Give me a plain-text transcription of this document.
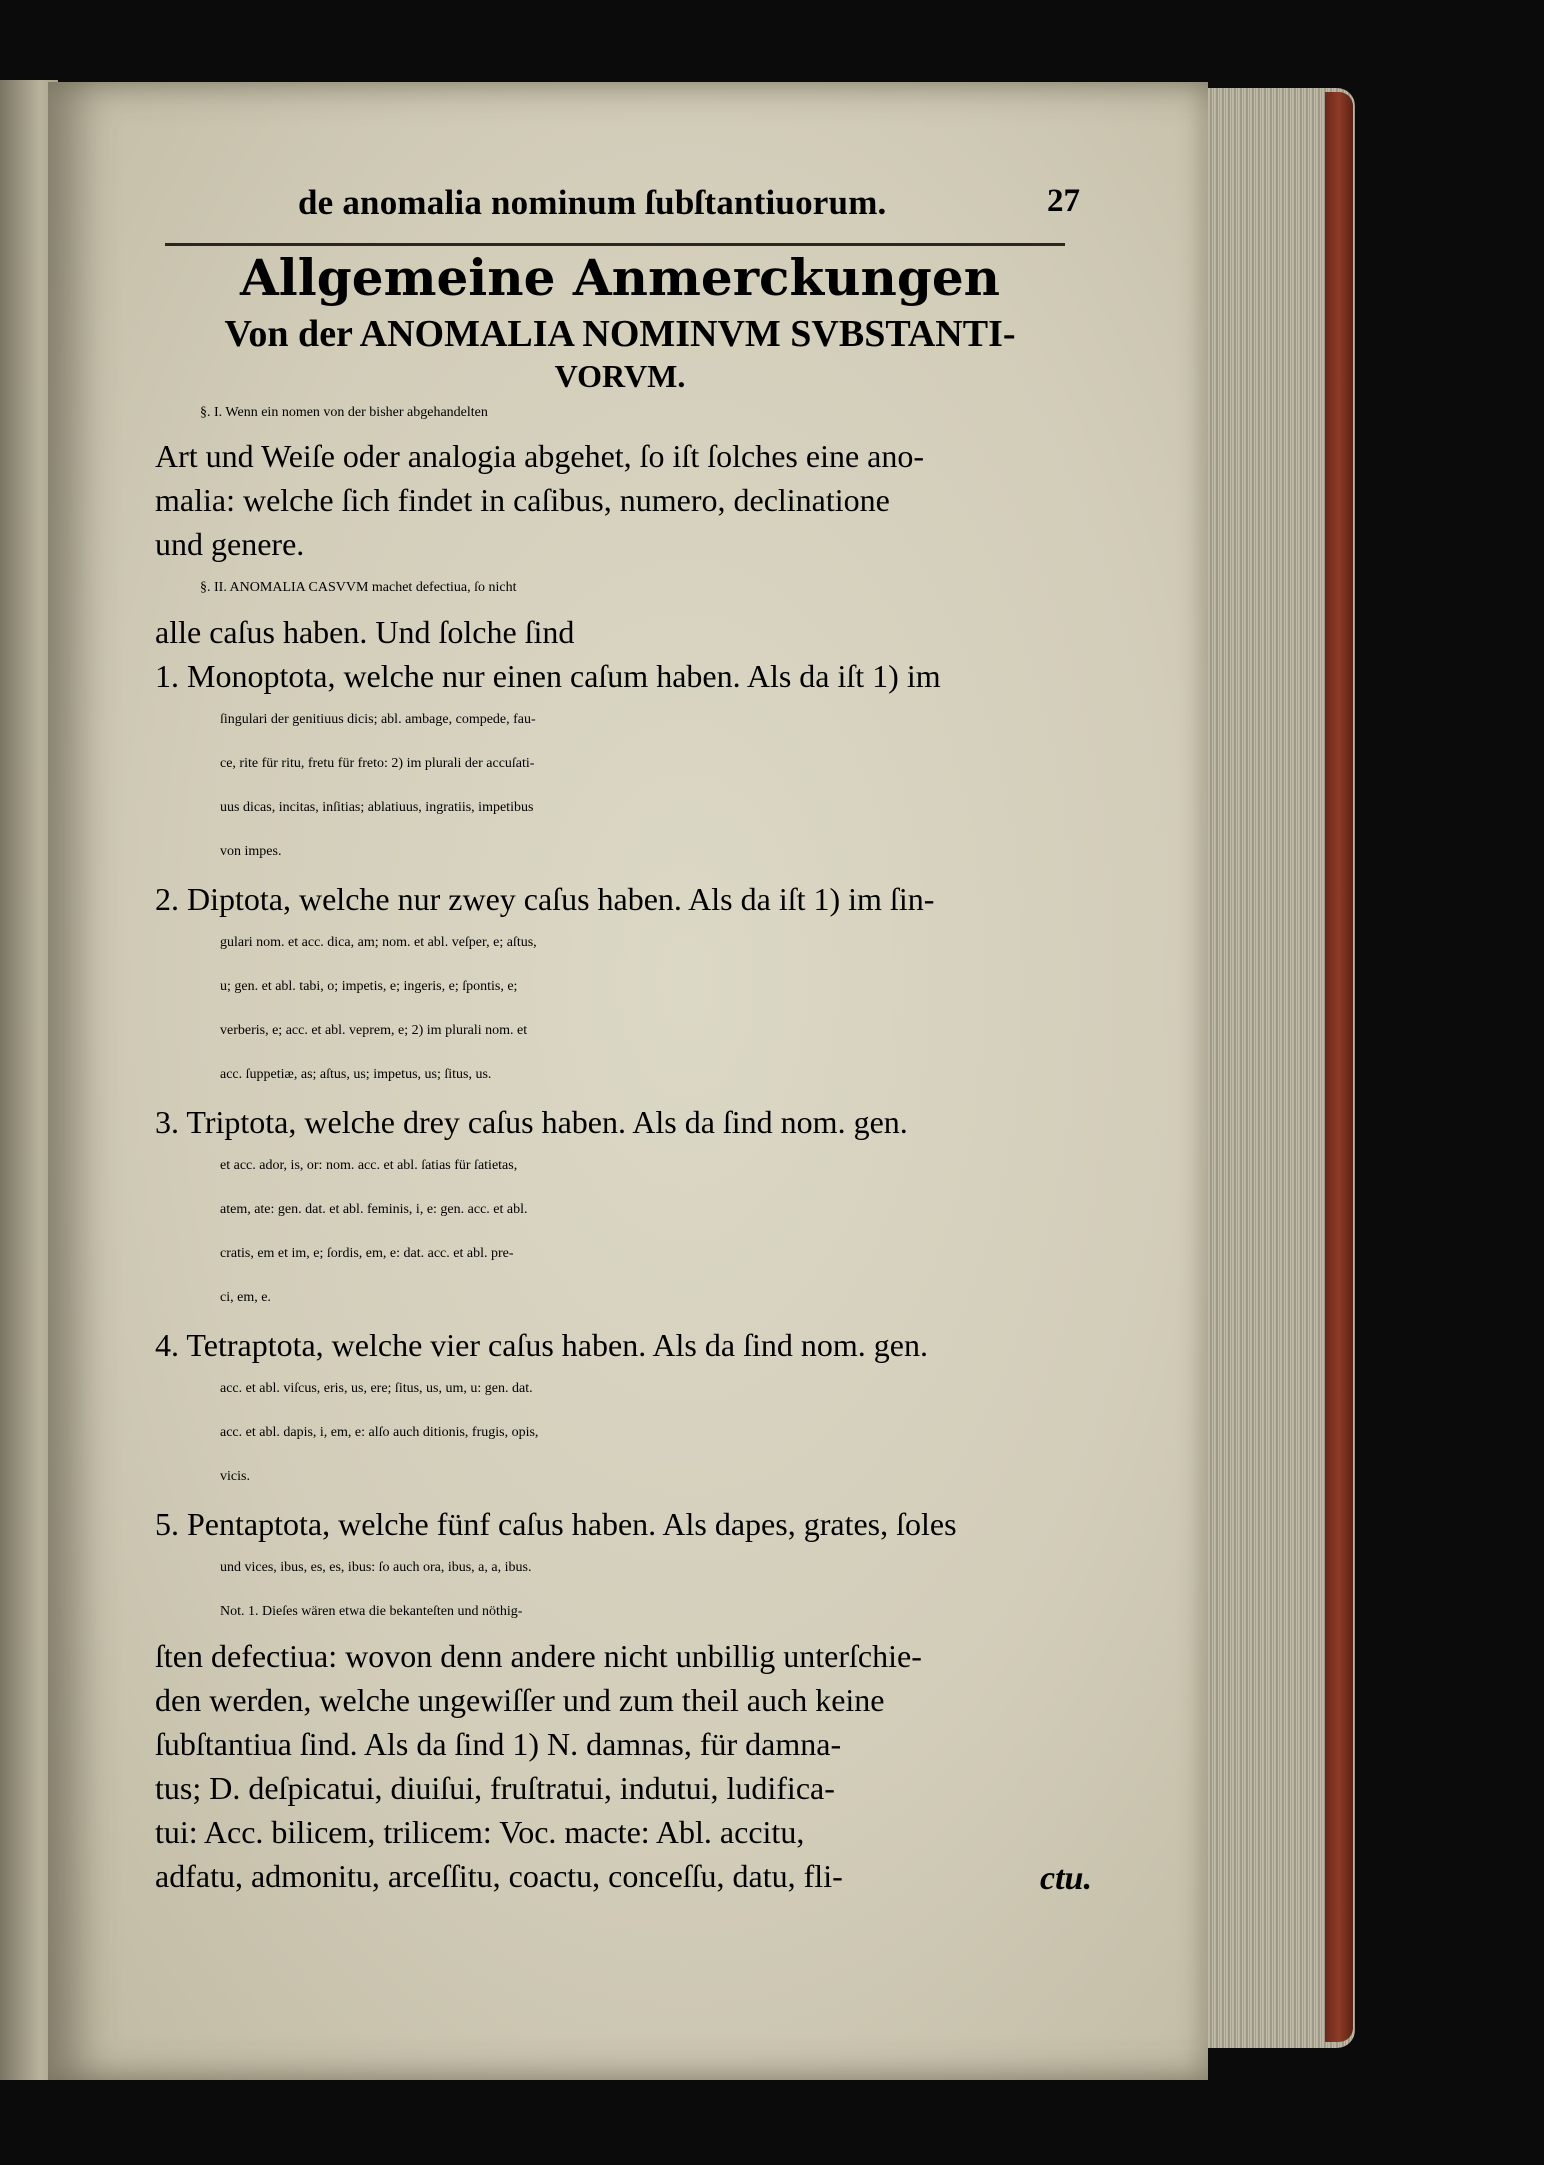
de anomalia nominum ſubſtantiuorum.	27
Allgemeine Anmerckungen
Von der ANOMALIA NOMINVM SVBSTANTI-
VORVM.
§. I. Wenn ein nomen von der bisher abgehandelten
Art und Weiſe oder analogia abgehet, ſo iſt ſolches eine ano-
malia: welche ſich findet in caſibus, numero, declinatione
und genere.
§. II. ANOMALIA CASVVM machet defectiua, ſo nicht
alle caſus haben. Und ſolche ſind
1. Monoptota, welche nur einen caſum haben. Als da iſt 1) im
ſingulari der genitiuus dicis; abl. ambage, compede, fau-
ce, rite für ritu, fretu für freto: 2) im plurali der accuſati-
uus dicas, incitas, inſitias; ablatiuus, ingratiis, impetibus
von impes.
2. Diptota, welche nur zwey caſus haben. Als da iſt 1) im ſin-
gulari nom. et acc. dica, am; nom. et abl. veſper, e; aſtus,
u; gen. et abl. tabi, o; impetis, e; ingeris, e; ſpontis, e;
verberis, e; acc. et abl. veprem, e; 2) im plurali nom. et
acc. ſuppetiæ, as; aſtus, us; impetus, us; ſitus, us.
3. Triptota, welche drey caſus haben. Als da ſind nom. gen.
et acc. ador, is, or: nom. acc. et abl. ſatias für ſatietas,
atem, ate: gen. dat. et abl. feminis, i, e: gen. acc. et abl.
cratis, em et im, e; ſordis, em, e: dat. acc. et abl. pre-
ci, em, e.
4. Tetraptota, welche vier caſus haben. Als da ſind nom. gen.
acc. et abl. viſcus, eris, us, ere; ſitus, us, um, u: gen. dat.
acc. et abl. dapis, i, em, e: alſo auch ditionis, frugis, opis,
vicis.
5. Pentaptota, welche fünf caſus haben. Als dapes, grates, ſoles
und vices, ibus, es, es, ibus: ſo auch ora, ibus, a, a, ibus.
Not. 1. Dieſes wären etwa die bekanteſten und nöthig-
ſten defectiua: wovon denn andere nicht unbillig unterſchie-
den werden, welche ungewiſſer und zum theil auch keine
ſubſtantiua ſind. Als da ſind 1) N. damnas, für damna-
tus; D. deſpicatui, diuiſui, fruſtratui, indutui, ludifica-
tui: Acc. bilicem, trilicem: Voc. macte: Abl. accitu,
adfatu, admonitu, arceſſitu, coactu, conceſſu, datu, fli-	ctu.
